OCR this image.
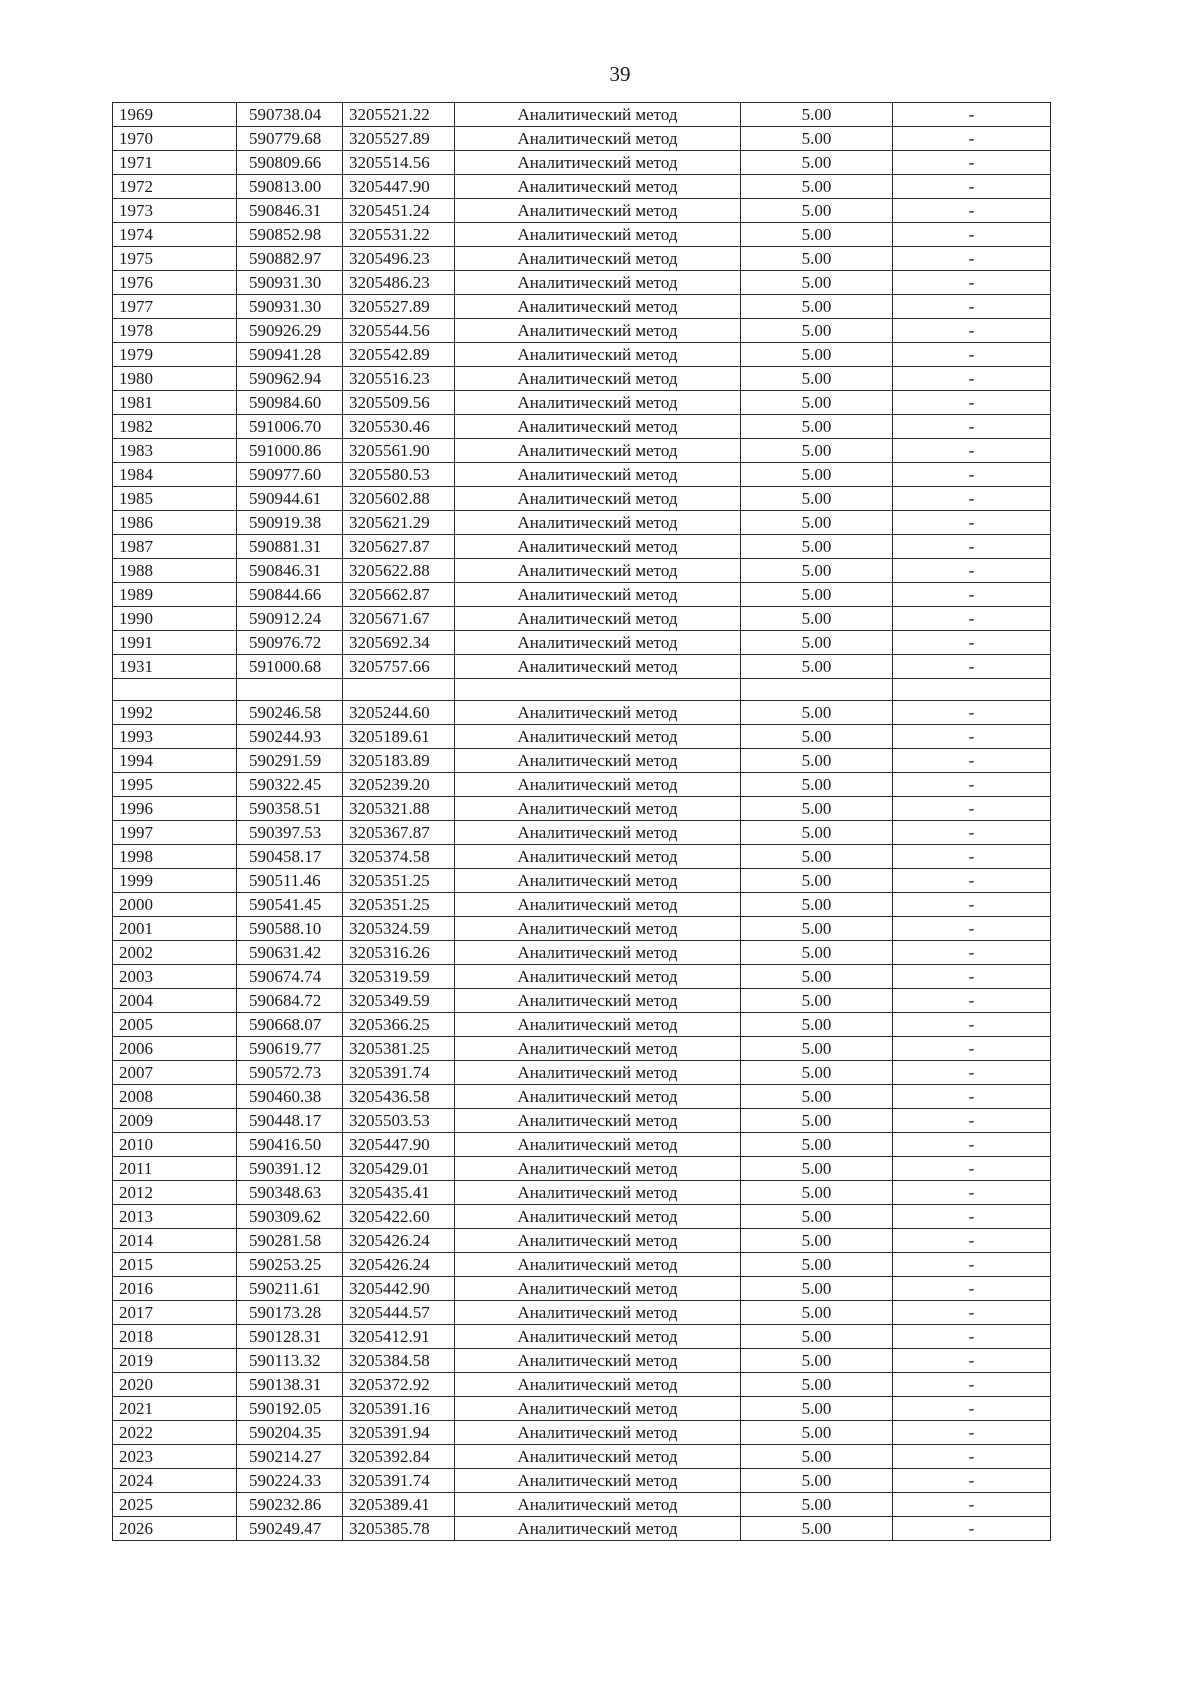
39
1969	590738.04	3205521.22	Аналитический метод	5.00	-
1970	590779.68	3205527.89	Аналитический метод	5.00	-
1971	590809.66	3205514.56	Аналитический метод	5.00	-
1972	590813.00	3205447.90	Аналитический метод	5.00	-
1973	590846.31	3205451.24	Аналитический метод	5.00	-
1974	590852.98	3205531.22	Аналитический метод	5.00	-
1975	590882.97	3205496.23	Аналитический метод	5.00	-
1976	590931.30	3205486.23	Аналитический метод	5.00	-
1977	590931.30	3205527.89	Аналитический метод	5.00	-
1978	590926.29	3205544.56	Аналитический метод	5.00	-
1979	590941.28	3205542.89	Аналитический метод	5.00	-
1980	590962.94	3205516.23	Аналитический метод	5.00	-
1981	590984.60	3205509.56	Аналитический метод	5.00	-
1982	591006.70	3205530.46	Аналитический метод	5.00	-
1983	591000.86	3205561.90	Аналитический метод	5.00	-
1984	590977.60	3205580.53	Аналитический метод	5.00	-
1985	590944.61	3205602.88	Аналитический метод	5.00	-
1986	590919.38	3205621.29	Аналитический метод	5.00	-
1987	590881.31	3205627.87	Аналитический метод	5.00	-
1988	590846.31	3205622.88	Аналитический метод	5.00	-
1989	590844.66	3205662.87	Аналитический метод	5.00	-
1990	590912.24	3205671.67	Аналитический метод	5.00	-
1991	590976.72	3205692.34	Аналитический метод	5.00	-
1931	591000.68	3205757.66	Аналитический метод	5.00	-

1992	590246.58	3205244.60	Аналитический метод	5.00	-
1993	590244.93	3205189.61	Аналитический метод	5.00	-
1994	590291.59	3205183.89	Аналитический метод	5.00	-
1995	590322.45	3205239.20	Аналитический метод	5.00	-
1996	590358.51	3205321.88	Аналитический метод	5.00	-
1997	590397.53	3205367.87	Аналитический метод	5.00	-
1998	590458.17	3205374.58	Аналитический метод	5.00	-
1999	590511.46	3205351.25	Аналитический метод	5.00	-
2000	590541.45	3205351.25	Аналитический метод	5.00	-
2001	590588.10	3205324.59	Аналитический метод	5.00	-
2002	590631.42	3205316.26	Аналитический метод	5.00	-
2003	590674.74	3205319.59	Аналитический метод	5.00	-
2004	590684.72	3205349.59	Аналитический метод	5.00	-
2005	590668.07	3205366.25	Аналитический метод	5.00	-
2006	590619.77	3205381.25	Аналитический метод	5.00	-
2007	590572.73	3205391.74	Аналитический метод	5.00	-
2008	590460.38	3205436.58	Аналитический метод	5.00	-
2009	590448.17	3205503.53	Аналитический метод	5.00	-
2010	590416.50	3205447.90	Аналитический метод	5.00	-
2011	590391.12	3205429.01	Аналитический метод	5.00	-
2012	590348.63	3205435.41	Аналитический метод	5.00	-
2013	590309.62	3205422.60	Аналитический метод	5.00	-
2014	590281.58	3205426.24	Аналитический метод	5.00	-
2015	590253.25	3205426.24	Аналитический метод	5.00	-
2016	590211.61	3205442.90	Аналитический метод	5.00	-
2017	590173.28	3205444.57	Аналитический метод	5.00	-
2018	590128.31	3205412.91	Аналитический метод	5.00	-
2019	590113.32	3205384.58	Аналитический метод	5.00	-
2020	590138.31	3205372.92	Аналитический метод	5.00	-
2021	590192.05	3205391.16	Аналитический метод	5.00	-
2022	590204.35	3205391.94	Аналитический метод	5.00	-
2023	590214.27	3205392.84	Аналитический метод	5.00	-
2024	590224.33	3205391.74	Аналитический метод	5.00	-
2025	590232.86	3205389.41	Аналитический метод	5.00	-
2026	590249.47	3205385.78	Аналитический метод	5.00	-
